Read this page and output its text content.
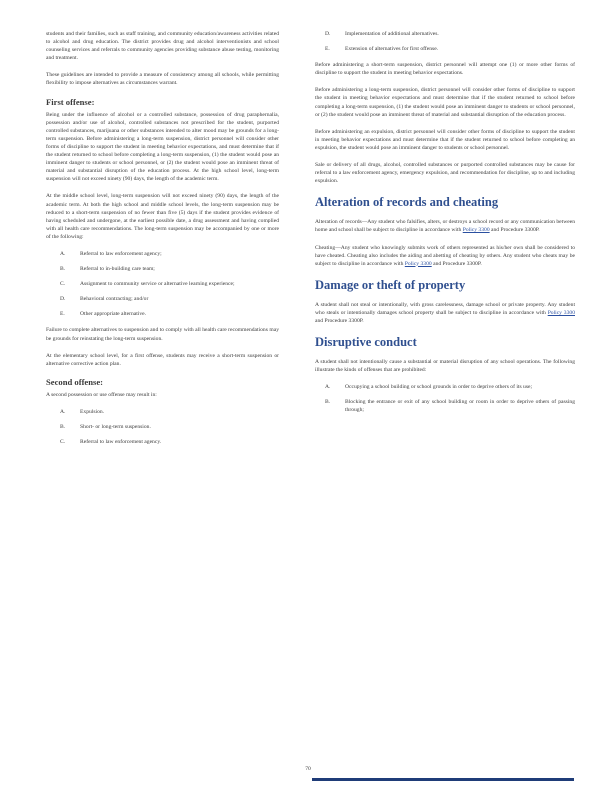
students and their families, such as staff training, and community education/awareness activities related to alcohol and drug education. The district provides drug and alcohol interventionists and school counseling services and referrals to community agencies providing substance abuse testing, monitoring and treatment.

These guidelines are intended to provide a measure of consistency among all schools, while permitting flexibility to impose alternatives as circumstances warrant.

First offense:

Being under the influence of alcohol or a controlled substance, possession of drug paraphernalia, possession and/or use of alcohol, controlled substances not prescribed for the student, purported controlled substances, marijuana or other substances intended to alter mood may be grounds for a long-term suspension. Before administering a long-term suspension, district personnel will consider other forms of discipline to support the student in meeting behavior expectations, and must determine that if the student returned to school before completing a long-term suspension, (1) the student would pose an imminent danger to students or school personnel, or (2) the student would pose an imminent threat of material and substantial disruption of the education process. At the high school level, long-term suspension will not exceed ninety (90) days, the length of the academic term.

At the middle school level, long-term suspension will not exceed ninety (90) days, the length of the academic term. At both the high school and middle school levels, the long-term suspension may be reduced to a short-term suspension of no fewer than five (5) days if the student provides evidence of having scheduled and undergone, at the earliest possible date, a drug assessment and having complied with all health care recommendations. The long-term suspension may be accompanied by one or more of the following:

A.	Referral to law enforcement agency;
B.	Referral to in-building care team;
C.	Assignment to community service or alternative learning experience;
D.	Behavioral contracting; and/or
E.	Other appropriate alternative.

Failure to complete alternatives to suspension and to comply with all health care recommendations may be grounds for reinstating the long-term suspension.

At the elementary school level, for a first offense, students may receive a short-term suspension or alternative corrective action plan.

Second offense:

A second possession or use offense may result in:

A.	Expulsion.
B.	Short- or long-term suspension.
C.	Referral to law enforcement agency.
D.	Implementation of additional alternatives.
E.	Extension of alternatives for first offense.

Before administering a short-term suspension, district personnel will attempt one (1) or more other forms of discipline to support the student in meeting behavior expectations.

Before administering a long-term suspension, district personnel will consider other forms of discipline to support the student in meeting behavior expectations and must determine that if the student returned to school before completing a long-term suspension, (1) the student would pose an imminent danger to students or school personnel, or (2) the student would pose an imminent threat of material and substantial disruption of the education process.

Before administering an expulsion, district personnel will consider other forms of discipline to support the student in meeting behavior expectations and must determine that if the student returned to school before completing an expulsion, the student would pose an imminent danger to students or school personnel.

Sale or delivery of all drugs, alcohol, controlled substances or purported controlled substances may be cause for referral to a law enforcement agency, emergency expulsion, and recommendation for discipline, up to and including expulsion.

Alteration of records and cheating

Alteration of records—Any student who falsifies, alters, or destroys a school record or any communication between home and school shall be subject to discipline in accordance with Policy 3300 and Procedure 3300P.

Cheating—Any student who knowingly submits work of others represented as his/her own shall be considered to have cheated. Cheating also includes the aiding and abetting of cheating by others. Any student who cheats may be subject to discipline in accordance with Policy 3300 and Procedure 3300P.

Damage or theft of property

A student shall not steal or intentionally, with gross carelessness, damage school or private property. Any student who steals or intentionally damages school property shall be subject to discipline in accordance with Policy 3300 and Procedure 3300P.

Disruptive conduct

A student shall not intentionally cause a substantial or material disruption of any school operations. The following illustrate the kinds of offenses that are prohibited:

A.	Occupying a school building or school grounds in order to deprive others of its use;
B.	Blocking the entrance or exit of any school building or room in order to deprive others of passing through;
70
